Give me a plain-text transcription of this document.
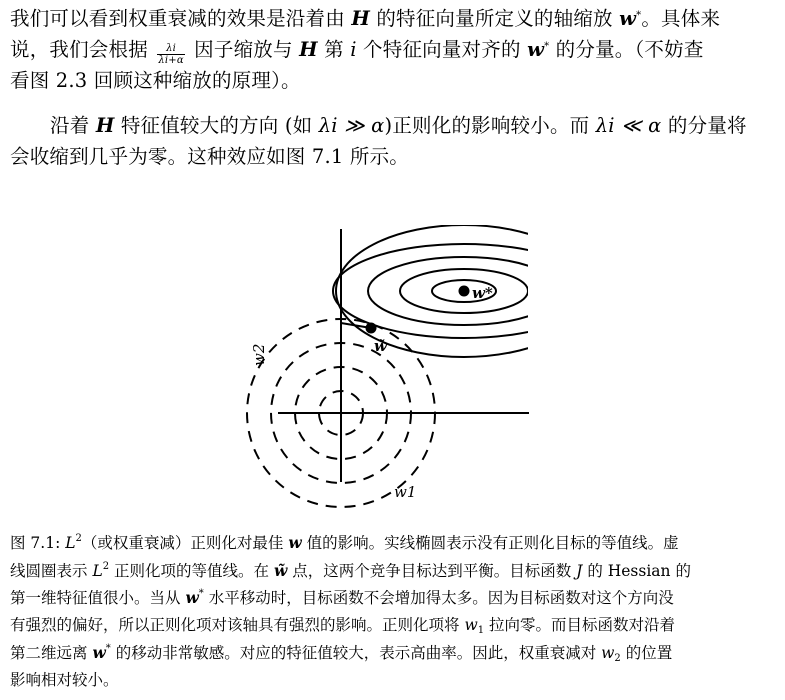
我们可以看到权重衰减的效果是沿着由 H 的特征向量所定义的轴缩放 w*。具体来
说，我们会根据 $\frac{\lambda i}{\lambda i+\alpha}$ 因子缩放与 H 第 i 个特征向量对齐的 w* 的分量。（不妨查
看图 2.3 回顾这种缩放的原理）。
沿着 H 特征值较大的方向 (如 λi ≫ α)正则化的影响较小。而 λi ≪ α 的分量将
会收缩到几乎为零。这种效应如图 7.1 所示。
w*
w̃
w1
w2
图 7.1: $L^2$（或权重衰减）正则化对最佳 w 值的影响。实线椭圆表示没有正则化目标的等值线。虚
线圆圈表示 $L^2$ 正则化项的等值线。在 w̃ 点，这两个竞争目标达到平衡。目标函数 J 的 Hessian 的
第一维特征值很小。当从 w* 水平移动时，目标函数不会增加得太多。因为目标函数对这个方向没
有强烈的偏好，所以正则化项对该轴具有强烈的影响。正则化项将 $w_1$ 拉向零。而目标函数对沿着
第二维远离 w* 的移动非常敏感。对应的特征值较大，表示高曲率。因此，权重衰减对 $w_2$ 的位置
影响相对较小。
